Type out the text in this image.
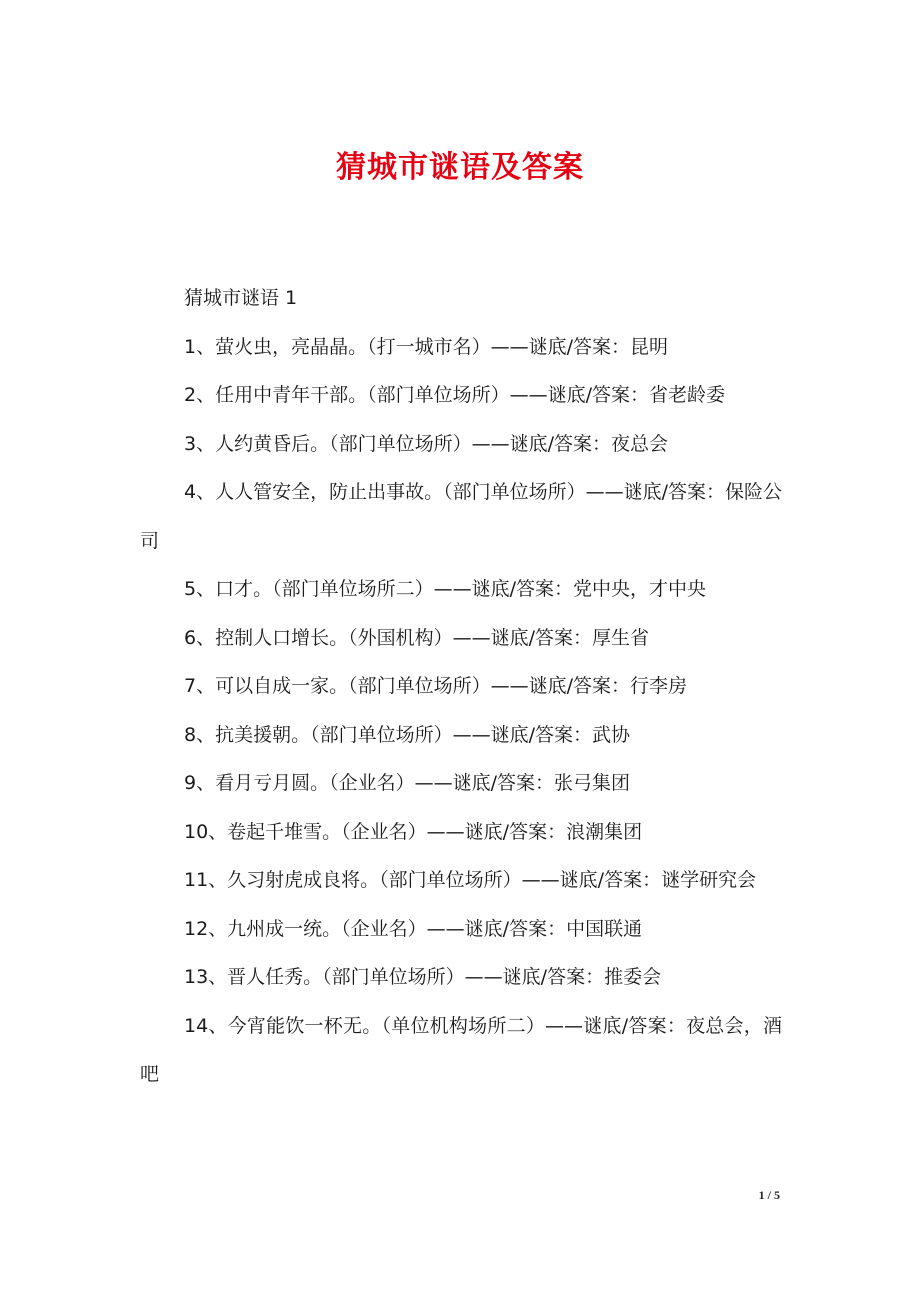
猜城市谜语及答案

猜城市谜语 1

1、萤火虫，亮晶晶。（打一城市名）——谜底/答案：昆明

2、任用中青年干部。（部门单位场所）——谜底/答案：省老龄委

3、人约黄昏后。（部门单位场所）——谜底/答案：夜总会

4、人人管安全，防止出事故。（部门单位场所）——谜底/答案：保险公司

5、口才。（部门单位场所二）——谜底/答案：党中央，才中央

6、控制人口增长。（外国机构）——谜底/答案：厚生省

7、可以自成一家。（部门单位场所）——谜底/答案：行李房

8、抗美援朝。（部门单位场所）——谜底/答案：武协

9、看月亏月圆。（企业名）——谜底/答案：张弓集团

10、卷起千堆雪。（企业名）——谜底/答案：浪潮集团

11、久习射虎成良将。（部门单位场所）——谜底/答案：谜学研究会

12、九州成一统。（企业名）——谜底/答案：中国联通

13、晋人任秀。（部门单位场所）——谜底/答案：推委会

14、今宵能饮一杯无。（单位机构场所二）——谜底/答案：夜总会，酒吧

1 / 5
